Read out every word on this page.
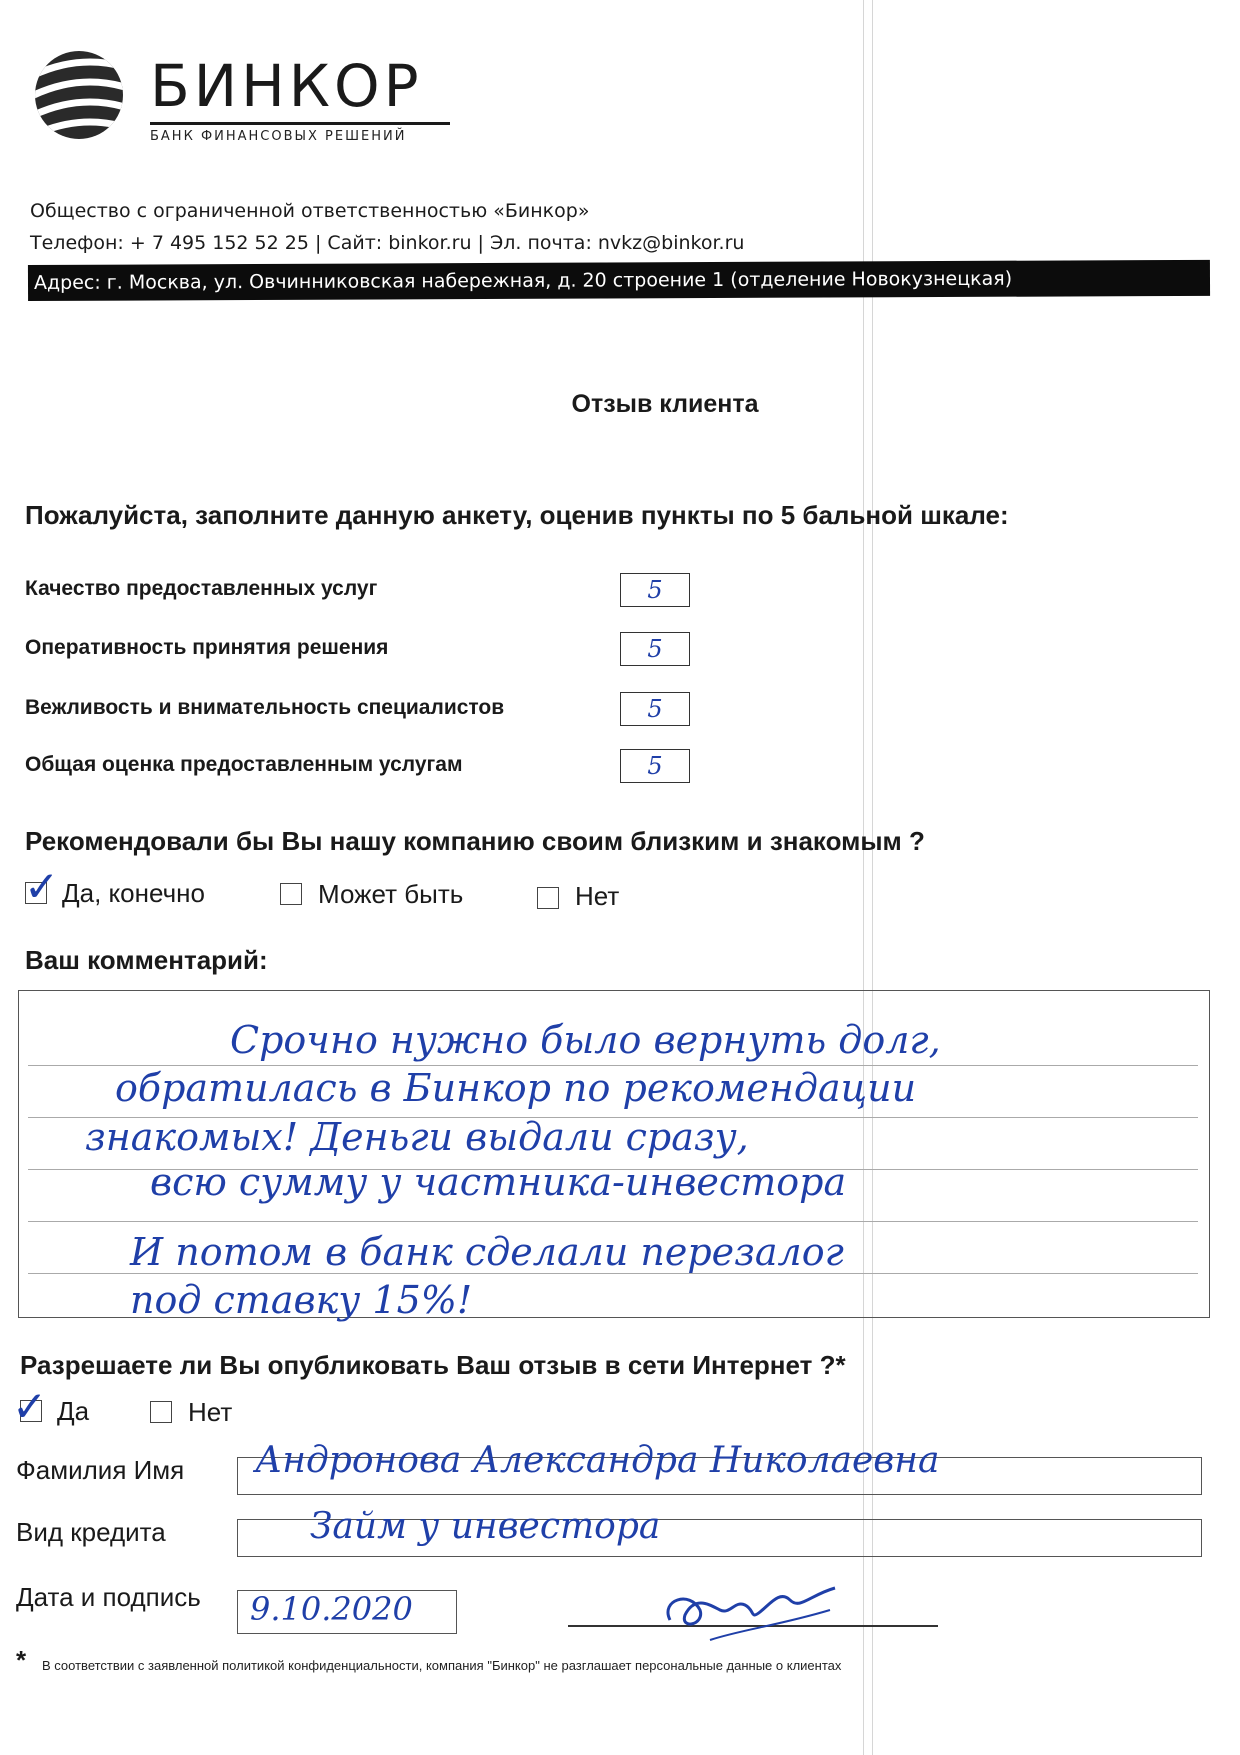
БИНКОР
БАНК ФИНАНСОВЫХ РЕШЕНИЙ
Общество с ограниченной ответственностью «Бинкор»
Телефон: + 7 495 152 52 25 | Сайт: binkor.ru | Эл. почта: nvkz@binkor.ru
Адрес: г. Москва, ул. Овчинниковская набережная, д. 20 строение 1 (отделение Новокузнецкая)
Отзыв клиента
Пожалуйста, заполните данную анкету, оценив пункты по 5 бальной шкале:
Качество предоставленных услуг	5
Оперативность принятия решения	5
Вежливость и внимательность специалистов	5
Общая оценка предоставленным услугам	5
Рекомендовали бы Вы нашу компанию своим близким и знакомым ?
✓ Да, конечно	Может быть	Нет
Ваш комментарий:
Срочно нужно было вернуть долг,
обратилась в Бинкор по рекомендации
знакомых! Деньги выдали сразу,
всю сумму у частника-инвестора
И потом в банк сделали перезалог
под ставку 15%!
Разрешаете ли Вы опубликовать Ваш отзыв в сети Интернет ?*
✓ Да	Нет
Фамилия Имя Андронова Александра Николаевна
Вид кредита	Займ у инвестора
Дата и подпись 9.10.2020
* В соответствии с заявленной политикой конфиденциальности, компания "Бинкор" не разглашает персональные данные о клиентах
